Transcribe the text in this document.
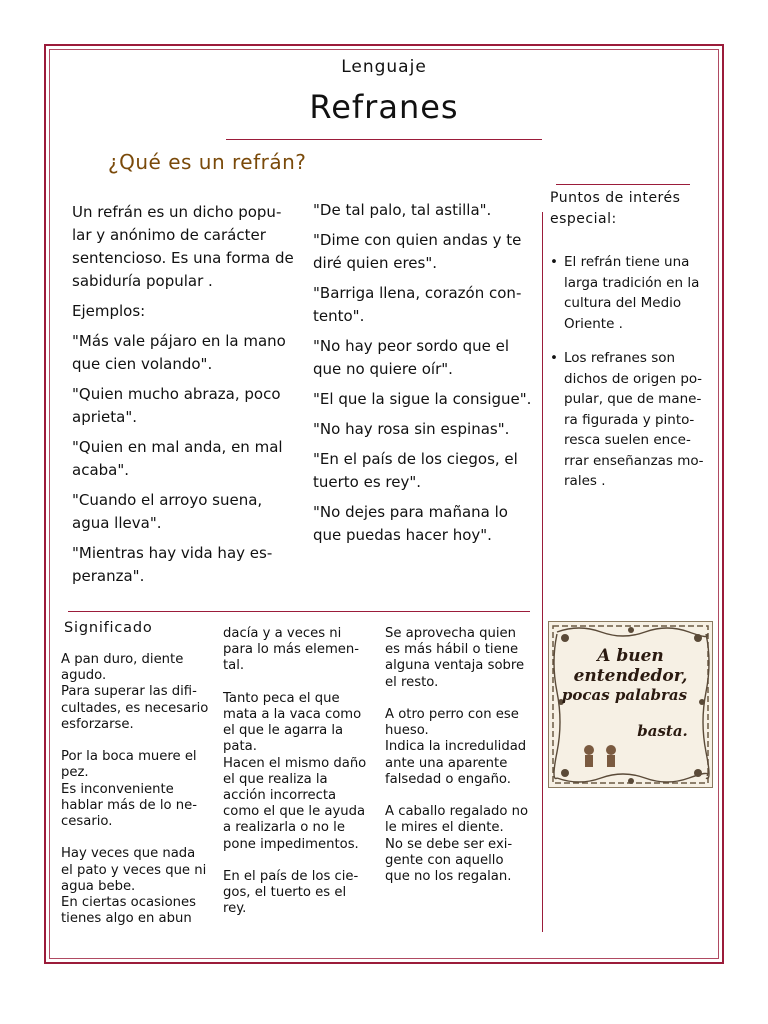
Lenguaje
Refranes
¿Qué es un refrán?

Un refrán es un dicho popular y anónimo de carácter sentencioso. Es una forma de sabiduría popular .

Ejemplos:

"Más vale pájaro en la mano que cien volando".

"Quien mucho abraza, poco aprieta".

"Quien en mal anda, en mal acaba".

"Cuando el arroyo suena, agua lleva".

"Mientras hay vida hay esperanza".

"De tal palo, tal astilla".

"Dime con quien andas y te diré quien eres".

"Barriga llena, corazón contento".

"No hay peor sordo que el que no quiere oír".

"El que la sigue la consigue".

"No hay rosa sin espinas".

"En el país de los ciegos, el tuerto es rey".

"No dejes para mañana lo que puedas hacer hoy".

Puntos de interés especial:
• El refrán tiene una larga tradición en la cultura del Medio Oriente .
• Los refranes son dichos de origen popular, que de manera figurada y pintoresca suelen encerrar enseñanzas morales .
Significado
A pan duro, diente agudo.
Para superar las dificultades, es necesario esforzarse.

Por la boca muere el pez.
Es inconveniente hablar más de lo necesario.

Hay veces que nada el pato y veces que ni agua bebe.
En ciertas ocasiones tienes algo en abun
dacía y a veces ni para lo más elemental.

Tanto peca el que mata a la vaca como el que le agarra la pata.
Hacen el mismo daño el que realiza la acción incorrecta como el que le ayuda a realizarla o no le pone impedimentos.

En el país de los ciegos, el tuerto es el rey.
Se aprovecha quien es más hábil o tiene alguna ventaja sobre el resto.

A otro perro con ese hueso.
Indica la incredulidad ante una aparente falsedad o engaño.

A caballo regalado no le mires el diente.
No se debe ser exigente con aquello que no los regalan.
A buen entendedor,
pocas palabras
basta.
